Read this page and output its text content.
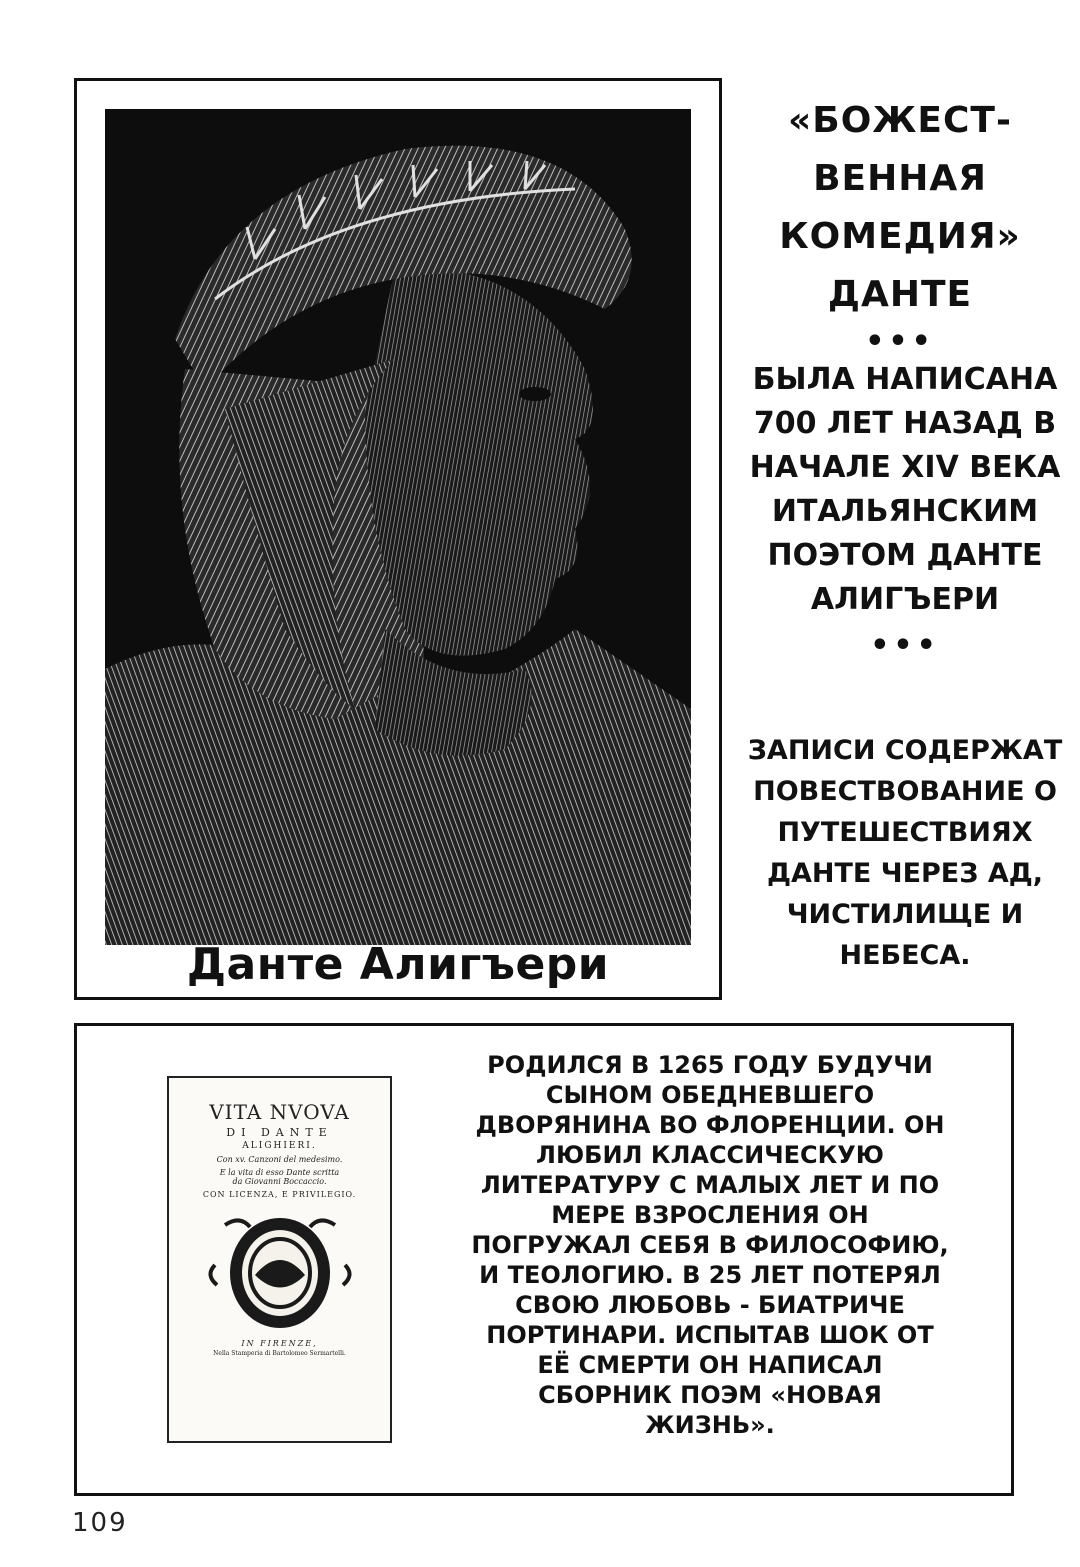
Данте Алигъери
«БОЖЕСТ-ВЕННАЯ КОМЕДИЯ» ДАНТЕ
•••
БЫЛА НАПИСАНА 700 ЛЕТ НАЗАД В НАЧАЛЕ XIV ВЕКА ИТАЛЬЯНСКИМ ПОЭТОМ ДАНТЕ АЛИГЪЕРИ
•••
ЗАПИСИ СОДЕРЖАТ ПОВЕСТВОВАНИЕ О ПУТЕШЕСТВИЯХ ДАНТЕ ЧЕРЕЗ АД, ЧИСТИЛИЩЕ И НЕБЕСА.
VITA NVOVA
DI DANTE
ALIGHIERI.
Con xv. Canzoni del medesimo.
E la vita di esso Dante scritta
da Giovanni Boccaccio.
CON LICENZA, E PRIVILEGIO.
IN FIRENZE,
Nella Stamperia di Bartolomeo Sermartelli.
РОДИЛСЯ В 1265 ГОДУ БУДУЧИ СЫНОМ ОБЕДНЕВШЕГО ДВОРЯНИНА ВО ФЛОРЕНЦИИ. ОН ЛЮБИЛ КЛАССИЧЕСКУЮ ЛИТЕРАТУРУ С МАЛЫХ ЛЕТ И ПО МЕРЕ ВЗРОСЛЕНИЯ ОН ПОГРУЖАЛ СЕБЯ В ФИЛОСОФИЮ, И ТЕОЛОГИЮ. В 25 ЛЕТ ПОТЕРЯЛ СВОЮ ЛЮБОВЬ - БИАТРИЧЕ ПОРТИНАРИ. ИСПЫТАВ ШОК ОТ ЕЁ СМЕРТИ ОН НАПИСАЛ СБОРНИК ПОЭМ «НОВАЯ ЖИЗНЬ».
109
